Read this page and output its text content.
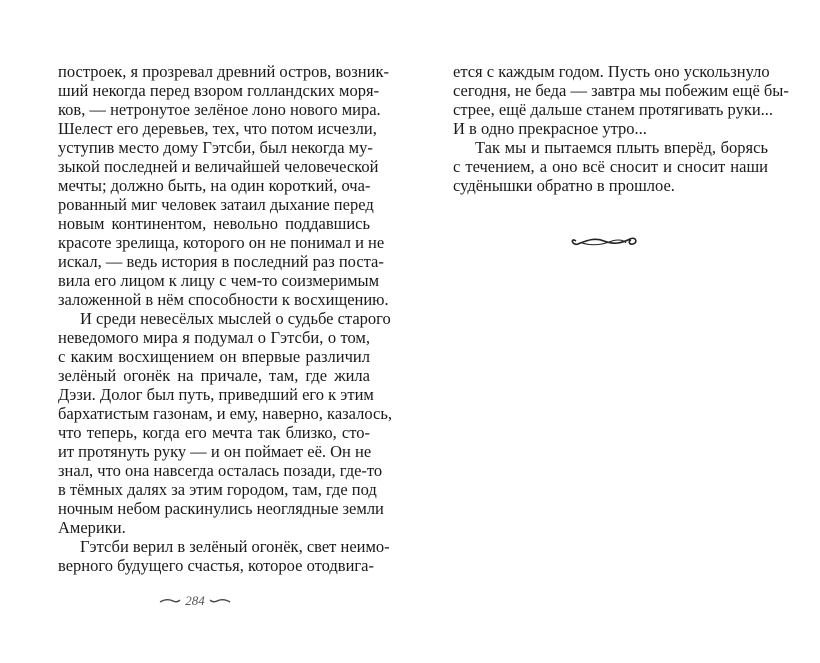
построек, я прозревал древний остров, возник-
ший некогда перед взором голландских моря-
ков, — нетронутое зелёное лоно нового мира.
Шелест его деревьев, тех, что потом исчезли,
уступив место дому Гэтсби, был некогда му-
зыкой последней и величайшей человеческой
мечты; должно быть, на один короткий, оча-
рованный миг человек затаил дыхание перед
новым континентом, невольно поддавшись
красоте зрелища, которого он не понимал и не
искал, — ведь история в последний раз поста-
вила его лицом к лицу с чем-то соизмеримым
заложенной в нём способности к восхищению.
И среди невесёлых мыслей о судьбе старого
неведомого мира я подумал о Гэтсби, о том,
с каким восхищением он впервые различил
зелёный огонёк на причале, там, где жила
Дэзи. Долог был путь, приведший его к этим
бархатистым газонам, и ему, наверно, казалось,
что теперь, когда его мечта так близко, сто-
ит протянуть руку — и он поймает её. Он не
знал, что она навсегда осталась позади, где-то
в тёмных далях за этим городом, там, где под
ночным небом раскинулись неоглядные земли
Америки.
Гэтсби верил в зелёный огонёк, свет неимо-
верного будущего счастья, которое отодвига-
284
ется с каждым годом. Пусть оно ускользнуло
сегодня, не беда — завтра мы побежим ещё бы-
стрее, ещё дальше станем протягивать руки...
И в одно прекрасное утро...
Так мы и пытаемся плыть вперёд, борясь
с течением, а оно всё сносит и сносит наши
судёнышки обратно в прошлое.
